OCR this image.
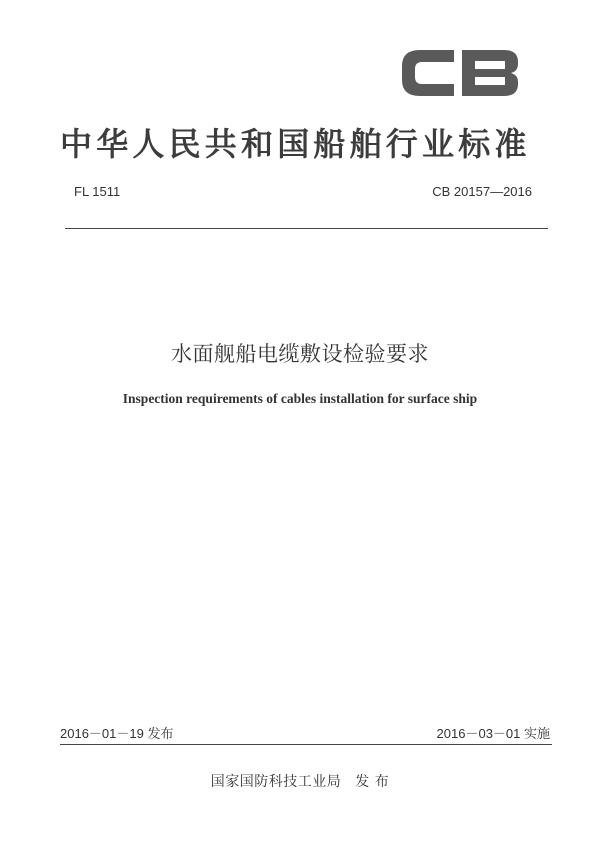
中华人民共和国船舶行业标准
FL 1511	CB 20157—2016
水面舰船电缆敷设检验要求
Inspection requirements of cables installation for surface ship
2016－01－19 发布	2016－03－01 实施
国家国防科技工业局 发 布
